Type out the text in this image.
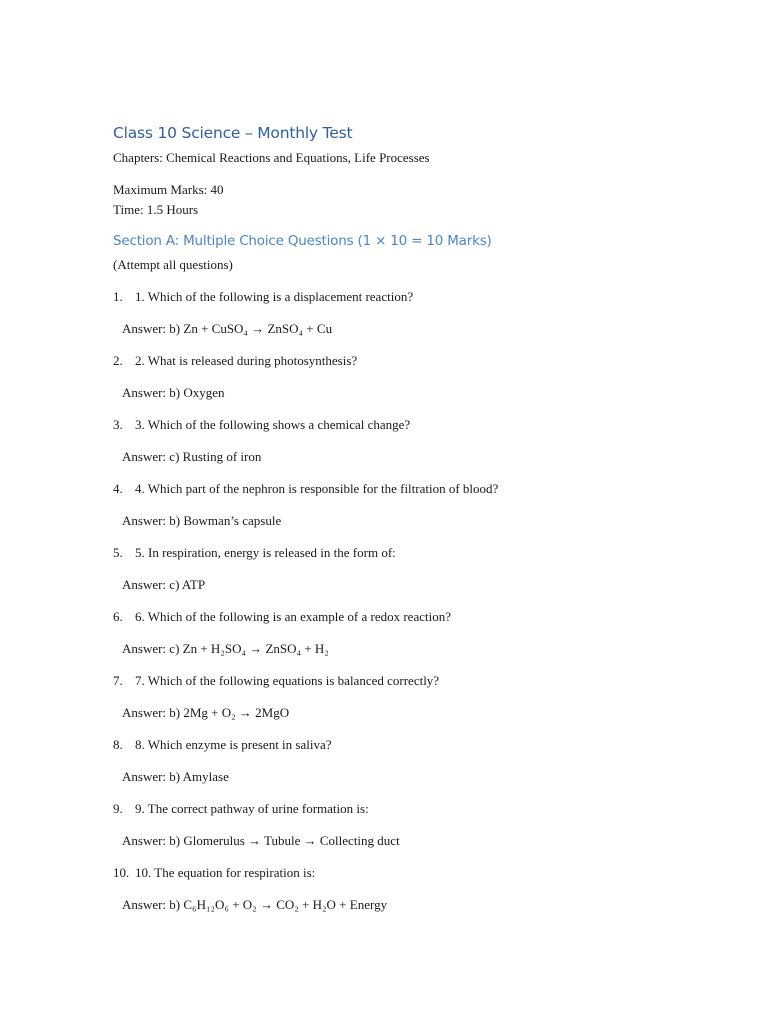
Class 10 Science – Monthly Test

Chapters: Chemical Reactions and Equations, Life Processes

Maximum Marks: 40

Time: 1.5 Hours

Section A: Multiple Choice Questions (1 × 10 = 10 Marks)

(Attempt all questions)

1. 1. Which of the following is a displacement reaction?
Answer: b) Zn + CuSO₄ → ZnSO₄ + Cu
2. 2. What is released during photosynthesis?
Answer: b) Oxygen
3. 3. Which of the following shows a chemical change?
Answer: c) Rusting of iron
4. 4. Which part of the nephron is responsible for the filtration of blood?
Answer: b) Bowman’s capsule
5. 5. In respiration, energy is released in the form of:
Answer: c) ATP
6. 6. Which of the following is an example of a redox reaction?
Answer: c) Zn + H₂SO₄ → ZnSO₄ + H₂
7. 7. Which of the following equations is balanced correctly?
Answer: b) 2Mg + O₂ → 2MgO
8. 8. Which enzyme is present in saliva?
Answer: b) Amylase
9. 9. The correct pathway of urine formation is:
Answer: b) Glomerulus → Tubule → Collecting duct
10. 10. The equation for respiration is:
Answer: b) C₆H₁₂O₆ + O₂ → CO₂ + H₂O + Energy
